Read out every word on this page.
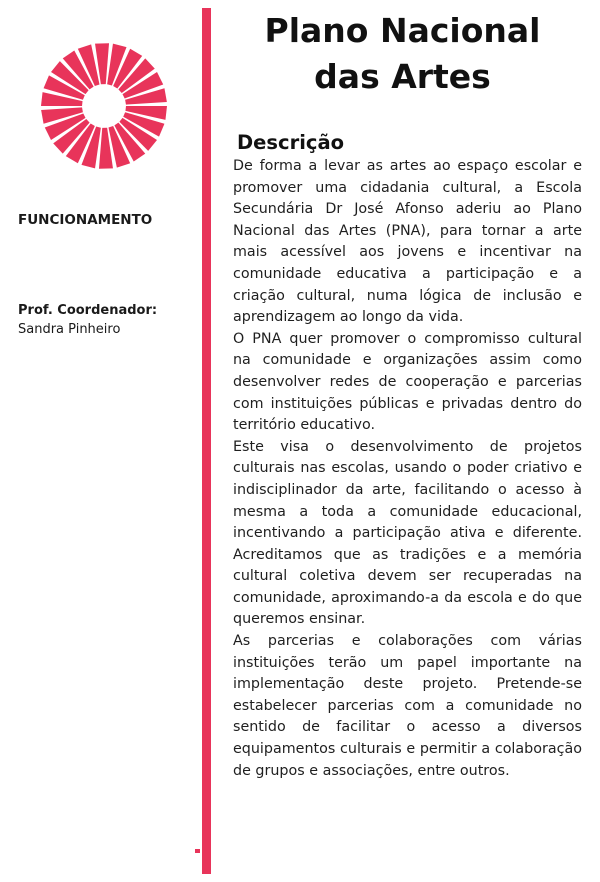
FUNCIONAMENTO
Prof. Coordenador:
Sandra Pinheiro
Plano Nacional
das Artes
Descrição

De forma a levar as artes ao espaço escolar e promover uma cidadania cultural, a Escola Secundária Dr José Afonso aderiu ao Plano Nacional das Artes (PNA), para tornar a arte mais acessível aos jovens e incentivar na comunidade educativa a participação e a criação cultural, numa lógica de inclusão e aprendizagem ao longo da vida.

O PNA quer promover o compromisso cultural na comunidade e organizações assim como desenvolver redes de cooperação e parcerias com instituições públicas e privadas dentro do território educativo.

Este visa o desenvolvimento de projetos culturais nas escolas, usando o poder criativo e indisciplinador da arte, facilitando o acesso à mesma a toda a comunidade educacional, incentivando a participação ativa e diferente. Acreditamos que as tradições e a memória cultural coletiva devem ser recuperadas na comunidade, aproximando-a da escola e do que queremos ensinar.

As parcerias e colaborações com várias instituições terão um papel importante na implementação deste projeto. Pretende-se estabelecer parcerias com a comunidade no sentido de facilitar o acesso a diversos equipamentos culturais e permitir a colaboração de grupos e associações, entre outros.
